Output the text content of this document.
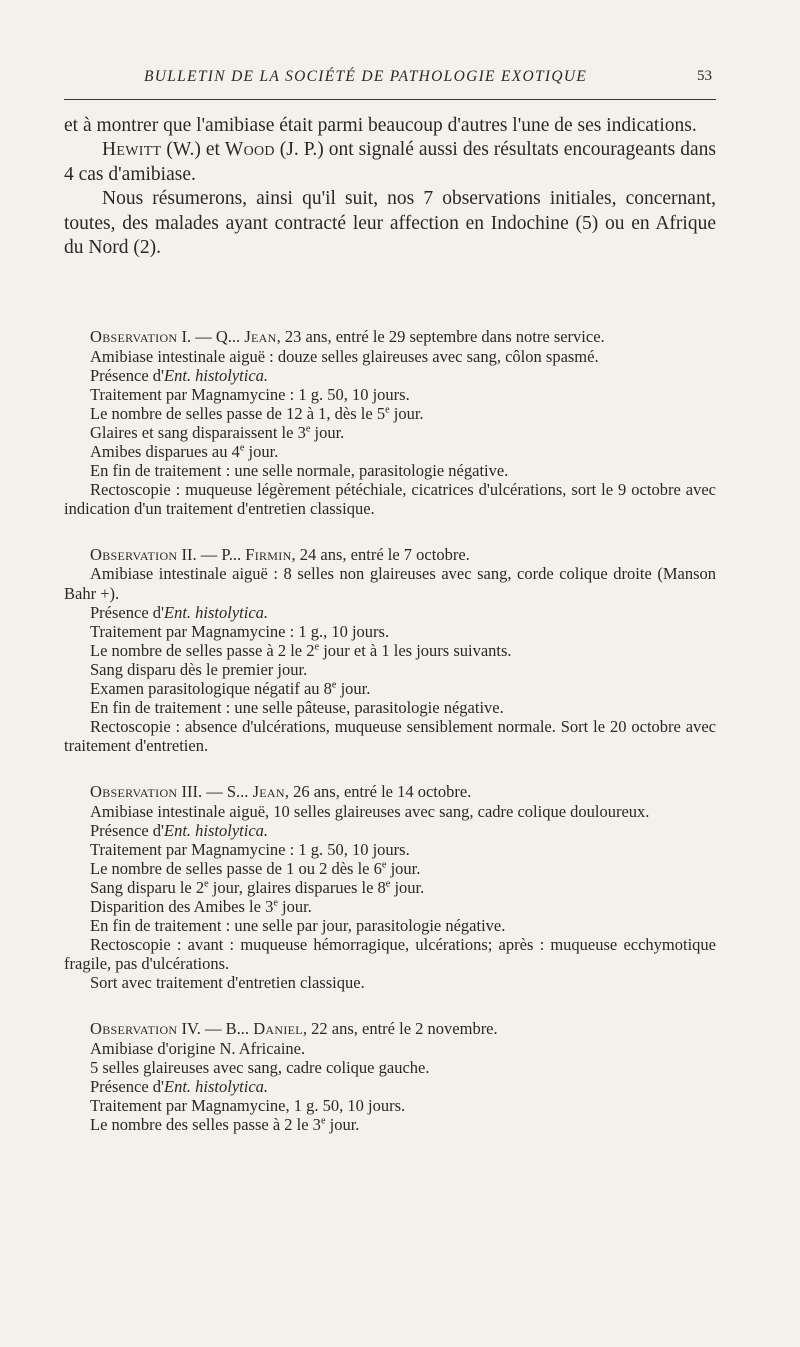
BULLETIN DE LA SOCIÉTÉ DE PATHOLOGIE EXOTIQUE	53

et à montrer que l'amibiase était parmi beaucoup d'autres l'une de ses indications.

Hewitt (W.) et Wood (J. P.) ont signalé aussi des résultats encourageants dans 4 cas d'amibiase.

Nous résumerons, ainsi qu'il suit, nos 7 observations initiales, concernant, toutes, des malades ayant contracté leur affection en Indochine (5) ou en Afrique du Nord (2).

Observation I. — Q... Jean, 23 ans, entré le 29 septembre dans notre service.

Amibiase intestinale aiguë : douze selles glaireuses avec sang, côlon spasmé.

Présence d'Ent. histolytica.

Traitement par Magnamycine : 1 g. 50, 10 jours.

Le nombre de selles passe de 12 à 1, dès le 5e jour.

Glaires et sang disparaissent le 3e jour.

Amibes disparues au 4e jour.

En fin de traitement : une selle normale, parasitologie négative.

Rectoscopie : muqueuse légèrement pétéchiale, cicatrices d'ulcérations, sort le 9 octobre avec indication d'un traitement d'entretien classique.

Observation II. — P... Firmin, 24 ans, entré le 7 octobre.

Amibiase intestinale aiguë : 8 selles non glaireuses avec sang, corde colique droite (Manson Bahr +).

Présence d'Ent. histolytica.

Traitement par Magnamycine : 1 g., 10 jours.

Le nombre de selles passe à 2 le 2e jour et à 1 les jours suivants.

Sang disparu dès le premier jour.

Examen parasitologique négatif au 8e jour.

En fin de traitement : une selle pâteuse, parasitologie négative.

Rectoscopie : absence d'ulcérations, muqueuse sensiblement normale. Sort le 20 octobre avec traitement d'entretien.

Observation III. — S... Jean, 26 ans, entré le 14 octobre.

Amibiase intestinale aiguë, 10 selles glaireuses avec sang, cadre colique douloureux.

Présence d'Ent. histolytica.

Traitement par Magnamycine : 1 g. 50, 10 jours.

Le nombre de selles passe de 1 ou 2 dès le 6e jour.

Sang disparu le 2e jour, glaires disparues le 8e jour.

Disparition des Amibes le 3e jour.

En fin de traitement : une selle par jour, parasitologie négative.

Rectoscopie : avant : muqueuse hémorragique, ulcérations; après : muqueuse ecchymotique fragile, pas d'ulcérations.

Sort avec traitement d'entretien classique.

Observation IV. — B... Daniel, 22 ans, entré le 2 novembre.

Amibiase d'origine N. Africaine.

5 selles glaireuses avec sang, cadre colique gauche.

Présence d'Ent. histolytica.

Traitement par Magnamycine, 1 g. 50, 10 jours.

Le nombre des selles passe à 2 le 3e jour.
